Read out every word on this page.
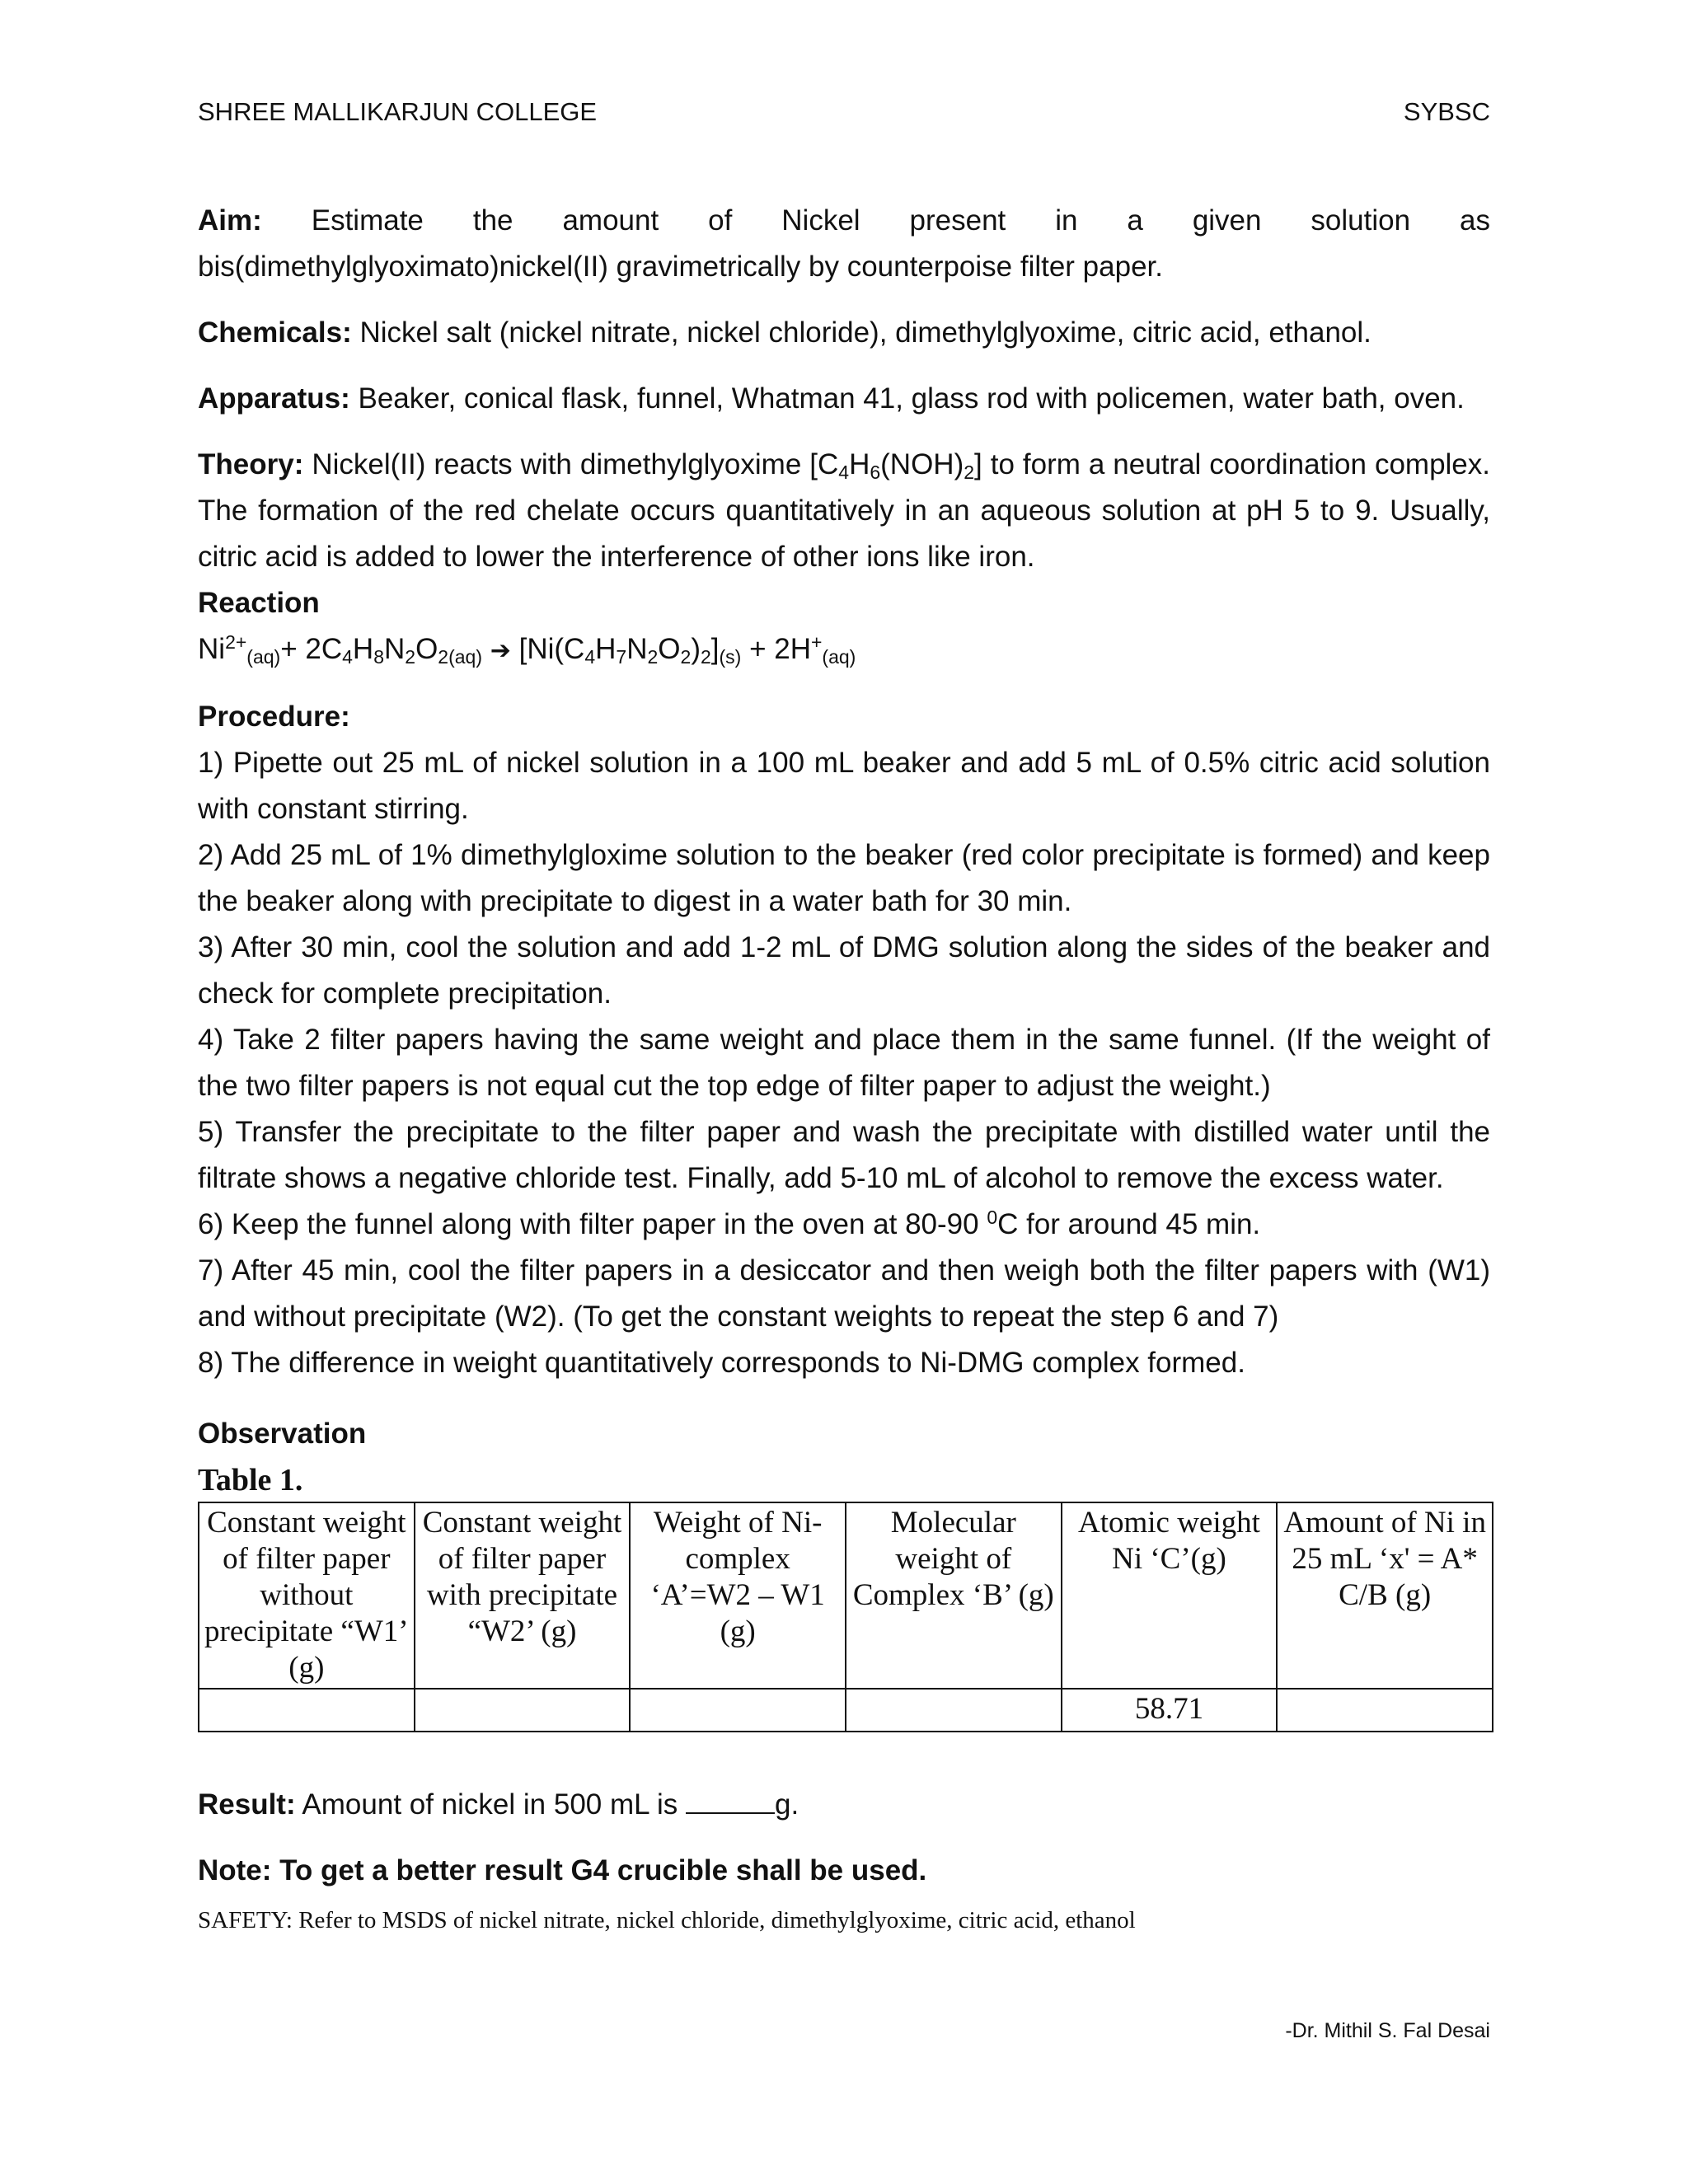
SHREE MALLIKARJUN COLLEGE	SYBSC

Aim: Estimate the amount of Nickel present in a given solution as

bis(dimethylglyoximato)nickel(II) gravimetrically by counterpoise filter paper.

Chemicals: Nickel salt (nickel nitrate, nickel chloride), dimethylglyoxime, citric acid, ethanol.

Apparatus: Beaker, conical flask, funnel, Whatman 41, glass rod with policemen, water bath, oven.

Theory: Nickel(II) reacts with dimethylglyoxime $[C_4H_6(NOH)_2]$ to form a neutral coordination complex. The formation of the red chelate occurs quantitatively in an aqueous solution at pH 5 to 9. Usually, citric acid is added to lower the interference of other ions like iron.

Reaction

$Ni^{2+}_{(aq)}+ 2C_4H_8N_2O_{2(aq)}$ ➔ $[Ni(C_4H_7N_2O_2)_2]_{(s)} + 2H^+_{(aq)}$

Procedure:

1) Pipette out 25 mL of nickel solution in a 100 mL beaker and add 5 mL of 0.5% citric acid solution with constant stirring.

2) Add 25 mL of 1% dimethylgloxime solution to the beaker (red color precipitate is formed) and keep the beaker along with precipitate to digest in a water bath for 30 min.

3) After 30 min, cool the solution and add 1-2 mL of DMG solution along the sides of the beaker and check for complete precipitation.

4) Take 2 filter papers having the same weight and place them in the same funnel. (If the weight of the two filter papers is not equal cut the top edge of filter paper to adjust the weight.)

5) Transfer the precipitate to the filter paper and wash the precipitate with distilled water until the filtrate shows a negative chloride test. Finally, add 5-10 mL of alcohol to remove the excess water.

6) Keep the funnel along with filter paper in the oven at 80-90 $^0$C for around 45 min.

7) After 45 min, cool the filter papers in a desiccator and then weigh both the filter papers with (W1) and without precipitate (W2). (To get the constant weights to repeat the step 6 and 7)

8) The difference in weight quantitatively corresponds to Ni-DMG complex formed.

Observation

Table 1.

Constant weight of filter paper without precipitate “W1’ (g)	Constant weight of filter paper with precipitate “W2’ (g)	Weight of Ni-complex ‘A’=W2 – W1 (g)	Molecular weight of Complex ‘B’ (g)	Atomic weight Ni ‘C’(g)	Amount of Ni in 25 mL ‘x' = A* C/B (g)
				58.71	

Result: Amount of nickel in 500 mL is	g.

Note: To get a better result G4 crucible shall be used.

SAFETY: Refer to MSDS of nickel nitrate, nickel chloride, dimethylglyoxime, citric acid, ethanol

-Dr. Mithil S. Fal Desai
